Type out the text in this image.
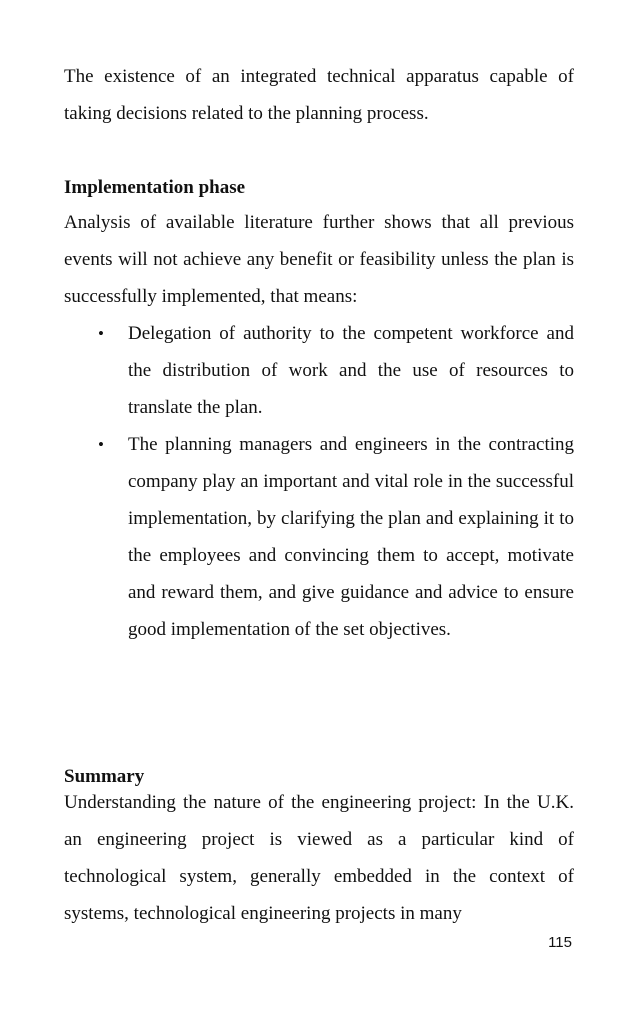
The existence of an integrated technical apparatus capable of taking decisions related to the planning process.

Implementation phase

Analysis of available literature further shows that all previous events will not achieve any benefit or feasibility unless the plan is successfully implemented, that means:

• Delegation of authority to the competent workforce and the distribution of work and the use of resources to translate the plan.
• The planning managers and engineers in the contracting company play an important and vital role in the successful implementation, by clarifying the plan and explaining it to the employees and convincing them to accept, motivate and reward them, and give guidance and advice to ensure good implementation of the set objectives.
Summary

Understanding the nature of the engineering project: In the U.K. an engineering project is viewed as a particular kind of technological system, generally embedded in the context of systems, technological engineering projects in many

115
